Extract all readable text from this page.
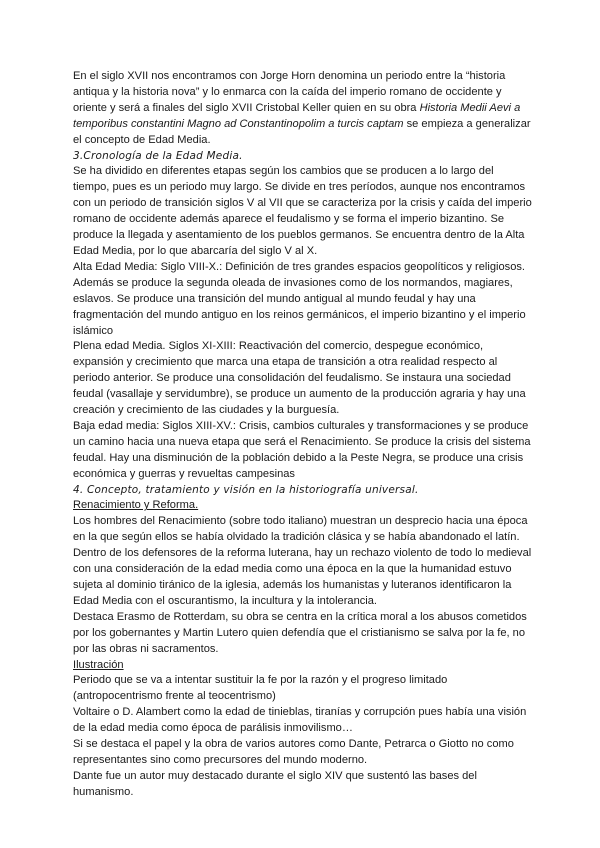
En el siglo XVII nos encontramos con Jorge Horn denomina un periodo entre la “historia antiqua y la historia nova” y lo enmarca con la caída del imperio romano de occidente y oriente y será a finales del siglo XVII Cristobal Keller quien en su obra Historia Medii Aevi a temporibus constantini Magno ad Constantinopolim a turcis captam se empieza a generalizar el concepto de Edad Media.

3.Cronología de la Edad Media.

Se ha dividido en diferentes etapas según los cambios que se producen a lo largo del tiempo, pues es un periodo muy largo. Se divide en tres períodos, aunque nos encontramos con un periodo de transición siglos V al VII que se caracteriza por la crisis y caída del imperio romano de occidente además aparece el feudalismo y se forma el imperio bizantino. Se produce la llegada y asentamiento de los pueblos germanos. Se encuentra dentro de la Alta Edad Media, por lo que abarcaría del siglo V al X.

Alta Edad Media: Siglo VIII-X.: Definición de tres grandes espacios geopolíticos y religiosos. Además se produce la segunda oleada de invasiones como de los normandos, magiares, eslavos. Se produce una transición del mundo antigual al mundo feudal y hay una fragmentación del mundo antiguo en los reinos germánicos, el imperio bizantino y el imperio islámico

Plena edad Media. Siglos XI-XIII: Reactivación del comercio, despegue económico, expansión y crecimiento que marca una etapa de transición a otra realidad respecto al periodo anterior. Se produce una consolidación del feudalismo. Se instaura una sociedad feudal (vasallaje y servidumbre), se produce un aumento de la producción agraria y hay una creación y crecimiento de las ciudades y la burguesía.

Baja edad media: Siglos XIII-XV.: Crisis, cambios culturales y transformaciones y se produce un camino hacia una nueva etapa que será el Renacimiento. Se produce la crisis del sistema feudal. Hay una disminución de la población debido a la Peste Negra, se produce una crisis económica y guerras y revueltas campesinas

4. Concepto, tratamiento y visión en la historiografía universal.

Renacimiento y Reforma.

Los hombres del Renacimiento (sobre todo italiano) muestran un desprecio hacia una época en la que según ellos se había olvidado la tradición clásica y se había abandonado el latín.

Dentro de los defensores de la reforma luterana, hay un rechazo violento de todo lo medieval con una consideración de la edad media como una época en la que la humanidad estuvo sujeta al dominio tiránico de la iglesia, además los humanistas y luteranos identificaron la Edad Media con el oscurantismo, la incultura y la intolerancia.

Destaca Erasmo de Rotterdam, su obra se centra en la crítica moral a los abusos cometidos por los gobernantes y Martin Lutero quien defendía que el cristianismo se salva por la fe, no por las obras ni sacramentos.

Ilustración

Periodo que se va a intentar sustituir la fe por la razón y el progreso limitado (antropocentrismo frente al teocentrismo)

Voltaire o D. Alambert como la edad de tinieblas, tiranías y corrupción pues había una visión de la edad media como época de parálisis inmovilismo…

Si se destaca el papel y la obra de varios autores como Dante, Petrarca o Giotto no como representantes sino como precursores del mundo moderno.

Dante fue un autor muy destacado durante el siglo XIV que sustentó las bases del humanismo.
